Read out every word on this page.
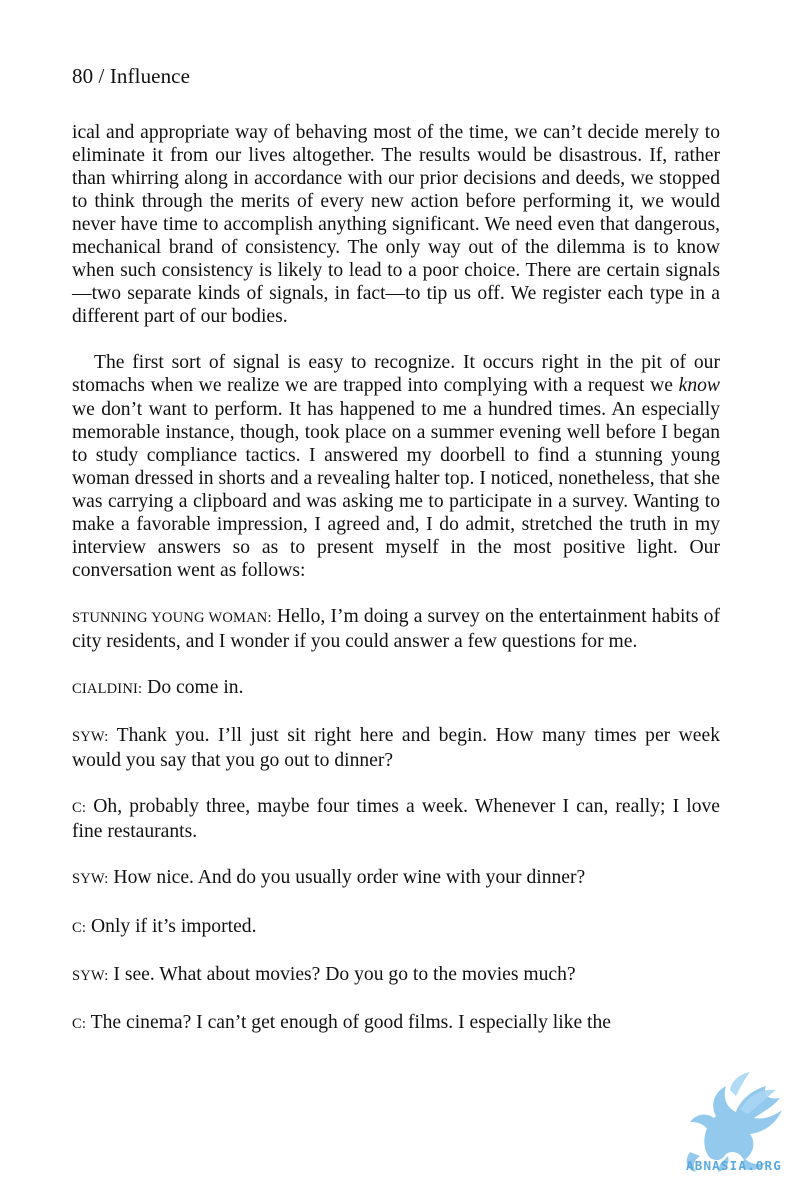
80 / Influence

ical and appropriate way of behaving most of the time, we can’t decide merely to eliminate it from our lives altogether. The results would be disastrous. If, rather than whirring along in accordance with our prior decisions and deeds, we stopped to think through the merits of every new action before performing it, we would never have time to accomplish anything significant. We need even that dangerous, mechanical brand of consistency. The only way out of the dilemma is to know when such consistency is likely to lead to a poor choice. There are certain signals—two separate kinds of signals, in fact—to tip us off. We register each type in a different part of our bodies.

The first sort of signal is easy to recognize. It occurs right in the pit of our stomachs when we realize we are trapped into complying with a request we know we don’t want to perform. It has happened to me a hundred times. An especially memorable instance, though, took place on a summer evening well before I began to study compliance tactics. I answered my doorbell to find a stunning young woman dressed in shorts and a revealing halter top. I noticed, nonetheless, that she was carrying a clipboard and was asking me to participate in a survey. Wanting to make a favorable impression, I agreed and, I do admit, stretched the truth in my interview answers so as to present myself in the most positive light. Our conversation went as follows:

STUNNING YOUNG WOMAN: Hello, I’m doing a survey on the entertainment habits of city residents, and I wonder if you could answer a few questions for me.

CIALDINI: Do come in.

SYW: Thank you. I’ll just sit right here and begin. How many times per week would you say that you go out to dinner?

C: Oh, probably three, maybe four times a week. Whenever I can, really; I love fine restaurants.

SYW: How nice. And do you usually order wine with your dinner?

C: Only if it’s imported.

SYW: I see. What about movies? Do you go to the movies much?

C: The cinema? I can’t get enough of good films. I especially like the

ABNASIA.ORG
